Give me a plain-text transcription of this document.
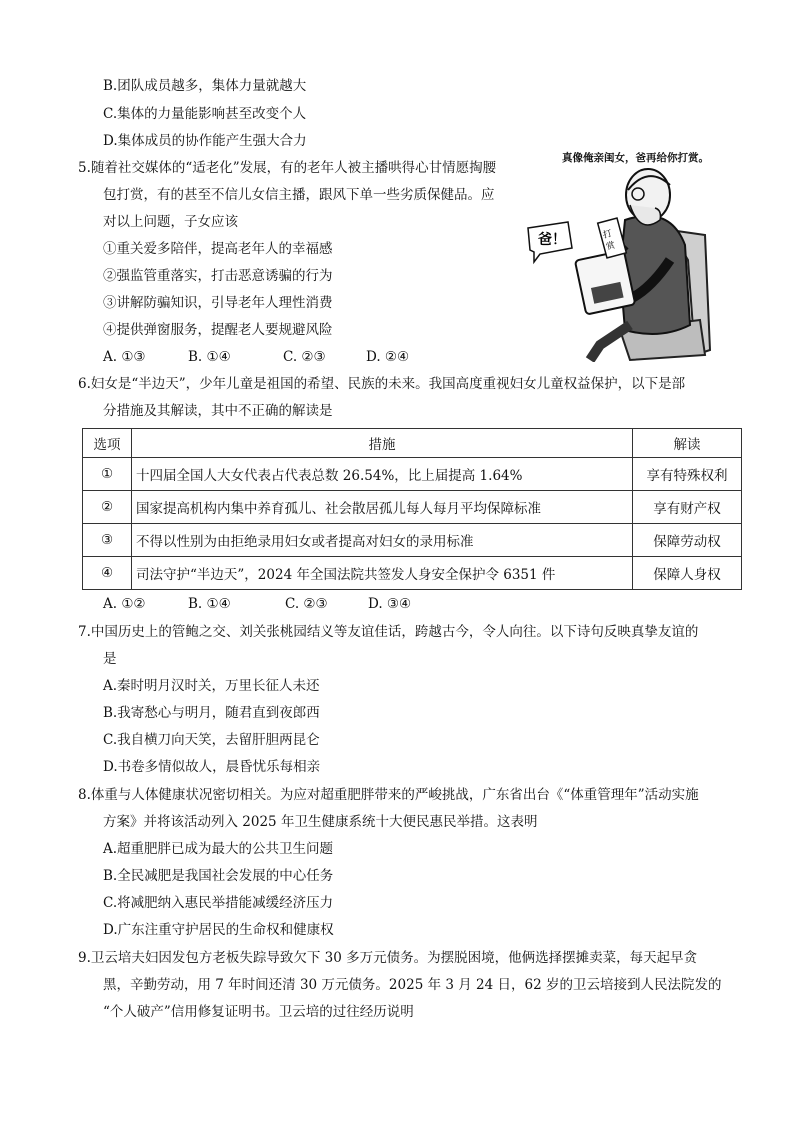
B.团队成员越多，集体力量就越大
C.集体的力量能影响甚至改变个人
D.集体成员的协作能产生强大合力
5.随着社交媒体的“适老化”发展，有的老年人被主播哄得心甘情愿掏腰
包打赏，有的甚至不信儿女信主播，跟风下单一些劣质保健品。应
对以上问题，子女应该
①重关爱多陪伴，提高老年人的幸福感
②强监管重落实，打击恶意诱骗的行为
③讲解防骗知识，引导老年人理性消费
④提供弹窗服务，提醒老人要规避风险
A. ①③	B. ①④	C. ②③	D. ②④
真像俺亲闺女，爸再给你打赏。
打
赏
爸！
6.妇女是“半边天”，少年儿童是祖国的希望、民族的未来。我国高度重视妇女儿童权益保护，以下是部
分措施及其解读，其中不正确的解读是
选项	措施	解读
①	十四届全国人大女代表占代表总数 26.54%，比上届提高 1.64%	享有特殊权利
②	国家提高机构内集中养育孤儿、社会散居孤儿每人每月平均保障标准	享有财产权
③	不得以性别为由拒绝录用妇女或者提高对妇女的录用标准	保障劳动权
④	司法守护“半边天”，2024 年全国法院共签发人身安全保护令 6351 件	保障人身权
A. ①②	B. ①④	C. ②③	D. ③④
7.中国历史上的管鲍之交、刘关张桃园结义等友谊佳话，跨越古今，令人向往。以下诗句反映真挚友谊的
是
A.秦时明月汉时关，万里长征人未还
B.我寄愁心与明月，随君直到夜郎西
C.我自横刀向天笑，去留肝胆两昆仑
D.书卷多情似故人，晨昏忧乐每相亲
8.体重与人体健康状况密切相关。为应对超重肥胖带来的严峻挑战，广东省出台《“体重管理年”活动实施
方案》并将该活动列入 2025 年卫生健康系统十大便民惠民举措。这表明
A.超重肥胖已成为最大的公共卫生问题
B.全民减肥是我国社会发展的中心任务
C.将减肥纳入惠民举措能减缓经济压力
D.广东注重守护居民的生命权和健康权
9.卫云培夫妇因发包方老板失踪导致欠下 30 多万元债务。为摆脱困境，他俩选择摆摊卖菜，每天起早贪
黑，辛勤劳动，用 7 年时间还清 30 万元债务。2025 年 3 月 24 日，62 岁的卫云培接到人民法院发的
“个人破产”信用修复证明书。卫云培的过往经历说明
